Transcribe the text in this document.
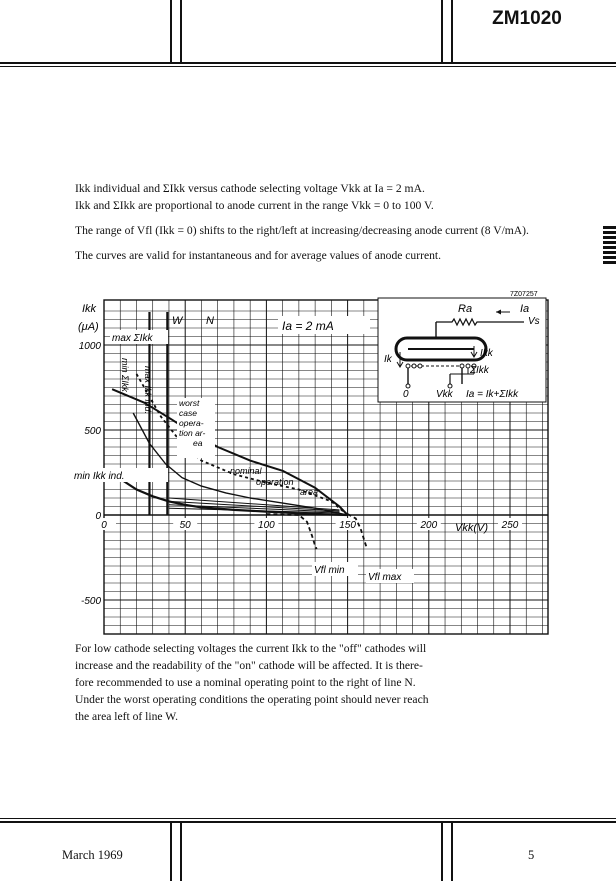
ZM1020

Ikk individual and ΣIkk versus cathode selecting voltage Vkk at Ia = 2 mA.
Ikk and ΣIkk are proportional to anode current in the range Vkk = 0 to 100 V.

The range of Vfl (Ikk = 0) shifts to the right/left at increasing/decreasing anode current (8 V/mA).

The curves are valid for instantaneous and for average values of anode current.

0	50	100	150	200	250
1000
500
0
-500
7Z07257
Ikk
(μA)
Vkk(V)
Ia = 2 mA
W N
max ΣIkk
max Ikk ind.
min ΣIkk
min Ikk ind.
worst
case
opera-
tion ar-
ea
nominal
operation
area
Vfl min
Vfl max
Ra	Ia
Vs
Ik
Ikk
ΣIkk
0	Vkk Ia = Ik+ΣIkk

For low cathode selecting voltages the current Ikk to the "off" cathodes will

increase and the readability of the "on" cathode will be affected. It is there-

fore recommended to use a nominal operating point to the right of line N.

Under the worst operating conditions the operating point should never reach

the area left of line W.

March 1969	5
